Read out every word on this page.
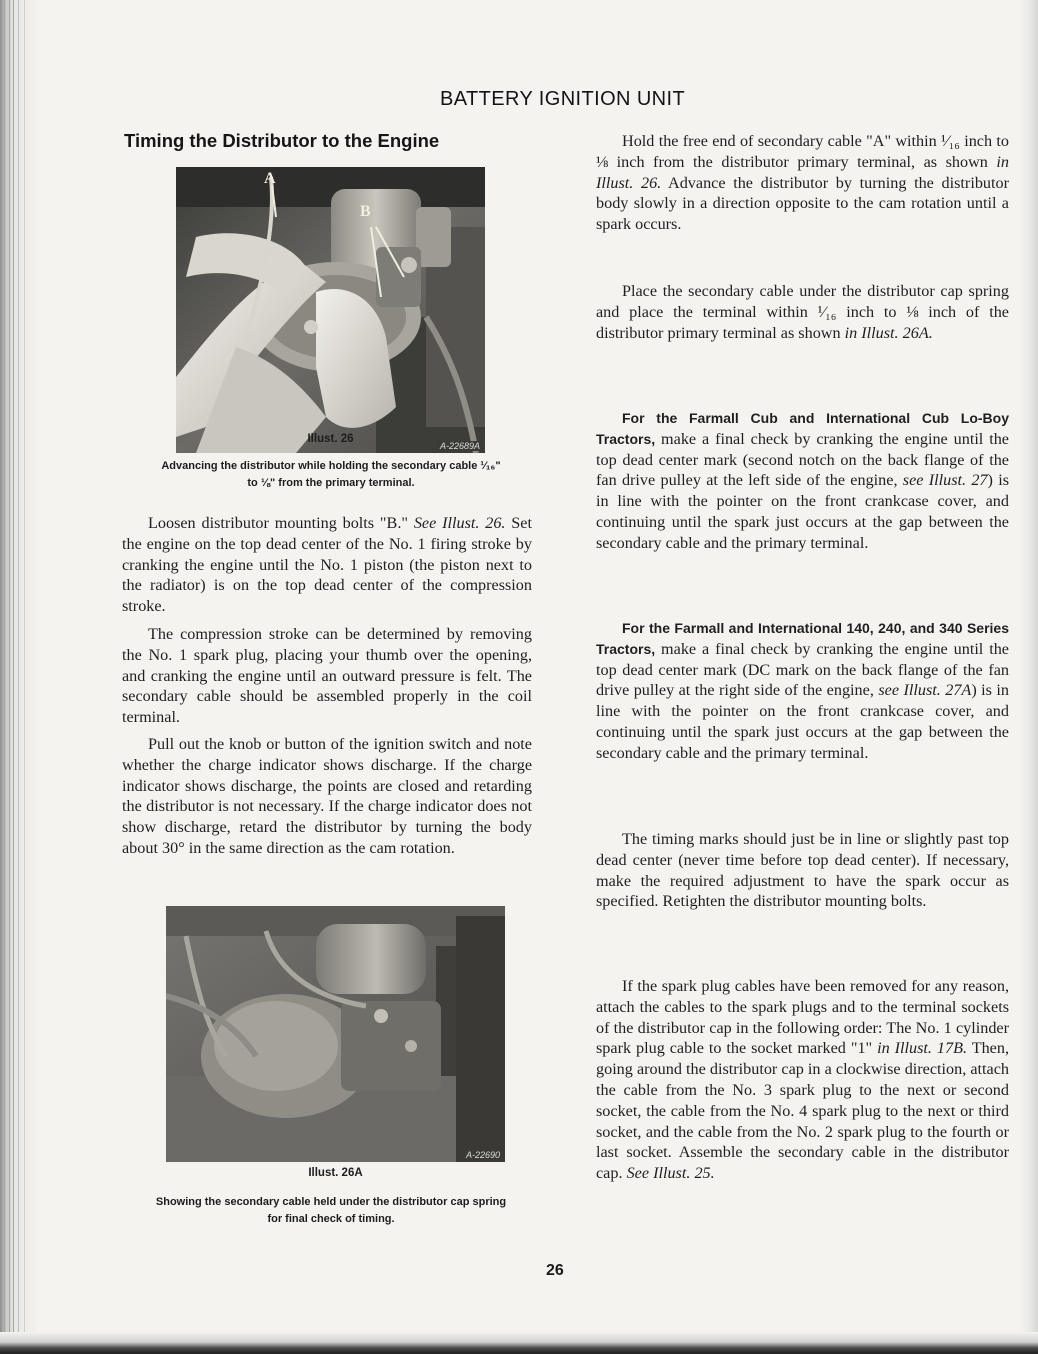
BATTERY IGNITION UNIT
Timing the Distributor to the Engine
A
B
A-22689A
Illust. 26
Advancing the distributor while holding the secondary cable ¹⁄₁₆"
to ⅛" from the primary terminal.

Loosen distributor mounting bolts "B." See Illust. 26. Set the engine on the top dead center of the No. 1 firing stroke by cranking the engine until the No. 1 piston (the piston next to the radiator) is on the top dead center of the compression stroke.

The compression stroke can be determined by removing the No. 1 spark plug, placing your thumb over the opening, and cranking the engine until an outward pressure is felt. The secondary cable should be assembled properly in the coil terminal.

Pull out the knob or button of the ignition switch and note whether the charge indicator shows discharge. If the charge indicator shows discharge, the points are closed and retarding the distributor is not necessary. If the charge indicator does not show discharge, retard the distributor by turning the body about 30° in the same direction as the cam rotation.

A-22690
Illust. 26A
Showing the secondary cable held under the distributor cap spring
for final check of timing.

Hold the free end of secondary cable "A" within ¹⁄₁₆ inch to ⅛ inch from the distributor primary terminal, as shown in Illust. 26. Advance the distributor by turning the distributor body slowly in a direction opposite to the cam rotation until a spark occurs.

Place the secondary cable under the distributor cap spring and place the terminal within ¹⁄₁₆ inch to ⅛ inch of the distributor primary terminal as shown in Illust. 26A.

For the Farmall Cub and International Cub Lo-Boy Tractors, make a final check by cranking the engine until the top dead center mark (second notch on the back flange of the fan drive pulley at the left side of the engine, see Illust. 27) is in line with the pointer on the front crankcase cover, and continuing until the spark just occurs at the gap between the secondary cable and the primary terminal.

For the Farmall and International 140, 240, and 340 Series Tractors, make a final check by cranking the engine until the top dead center mark (DC mark on the back flange of the fan drive pulley at the right side of the engine, see Illust. 27A) is in line with the pointer on the front crankcase cover, and continuing until the spark just occurs at the gap between the secondary cable and the primary terminal.

The timing marks should just be in line or slightly past top dead center (never time before top dead center). If necessary, make the required adjustment to have the spark occur as specified. Retighten the distributor mounting bolts.

If the spark plug cables have been removed for any reason, attach the cables to the spark plugs and to the terminal sockets of the distributor cap in the following order: The No. 1 cylinder spark plug cable to the socket marked "1" in Illust. 17B. Then, going around the distributor cap in a clockwise direction, attach the cable from the No. 3 spark plug to the next or second socket, the cable from the No. 4 spark plug to the next or third socket, and the cable from the No. 2 spark plug to the fourth or last socket. Assemble the secondary cable in the distributor cap. See Illust. 25.

26
